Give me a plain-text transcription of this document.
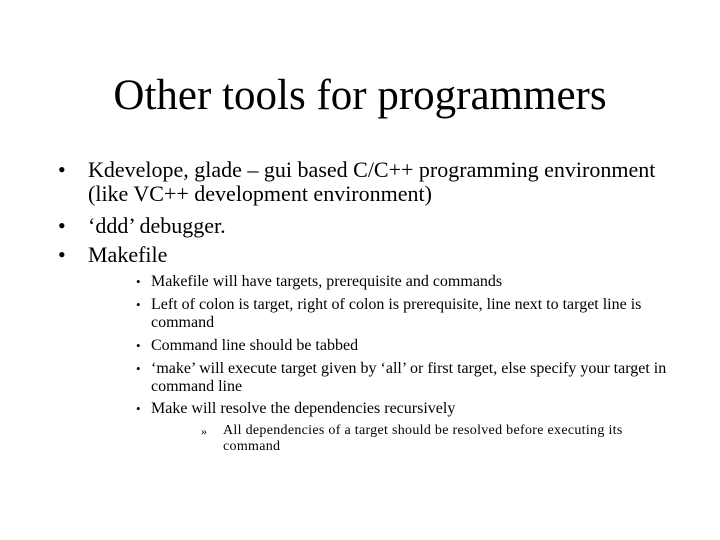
Other tools for programmers
•	Kdevelope, glade – gui based C/C++ programming environment (like VC++ development environment)
•	‘ddd’ debugger.
•	Makefile
• Makefile will have targets, prerequisite and commands
• Left of colon is target, right of colon is prerequisite, line next to target line is command
• Command line should be tabbed
• ‘make’ will execute target given by ‘all’ or first target, else specify your target in command line
• Make will resolve the dependencies recursively
»	All dependencies of a target should be resolved before executing its command
